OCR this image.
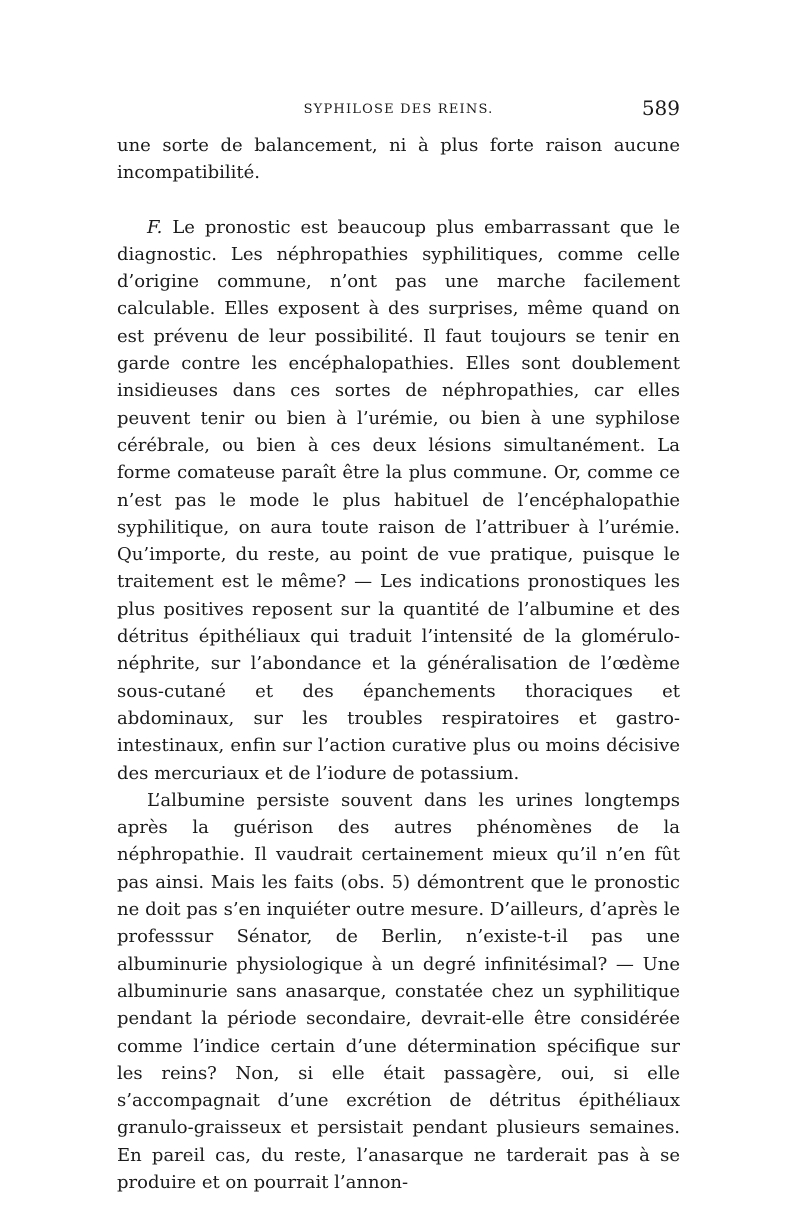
SYPHILOSE DES REINS.	589

une sorte de balancement, ni à plus forte raison aucune incompatibilité.

F. Le pronostic est beaucoup plus embarrassant que le diagnostic. Les néphropathies syphilitiques, comme celle d’origine commune, n’ont pas une marche facilement calculable. Elles exposent à des surprises, même quand on est prévenu de leur possibilité. Il faut toujours se tenir en garde contre les encéphalopathies. Elles sont doublement insidieuses dans ces sortes de néphropathies, car elles peuvent tenir ou bien à l’urémie, ou bien à une syphilose cérébrale, ou bien à ces deux lésions simultanément. La forme comateuse paraît être la plus commune. Or, comme ce n’est pas le mode le plus habituel de l’encéphalopathie syphilitique, on aura toute raison de l’attribuer à l’urémie. Qu’importe, du reste, au point de vue pratique, puisque le traitement est le même? — Les indications pronostiques les plus positives reposent sur la quantité de l’albumine et des détritus épithéliaux qui traduit l’intensité de la glomérulo-néphrite, sur l’abondance et la généralisation de l’œdème sous-cutané et des épanchements thoraciques et abdominaux, sur les troubles respiratoires et gastro-intestinaux, enfin sur l’action curative plus ou moins décisive des mercuriaux et de l’iodure de potassium.

L’albumine persiste souvent dans les urines longtemps après la guérison des autres phénomènes de la néphropathie. Il vaudrait certainement mieux qu’il n’en fût pas ainsi. Mais les faits (obs. 5) démontrent que le pronostic ne doit pas s’en inquiéter outre mesure. D’ailleurs, d’après le professsur Sénator, de Berlin, n’existe-t-il pas une albuminurie physiologique à un degré infinitésimal? — Une albuminurie sans anasarque, constatée chez un syphilitique pendant la période secondaire, devrait-elle être considérée comme l’indice certain d’une détermination spécifique sur les reins? Non, si elle était passagère, oui, si elle s’accompagnait d’une excrétion de détritus épithéliaux granulo-graisseux et persistait pendant plusieurs semaines. En pareil cas, du reste, l’anasarque ne tarderait pas à se produire et on pourrait l’annon-
